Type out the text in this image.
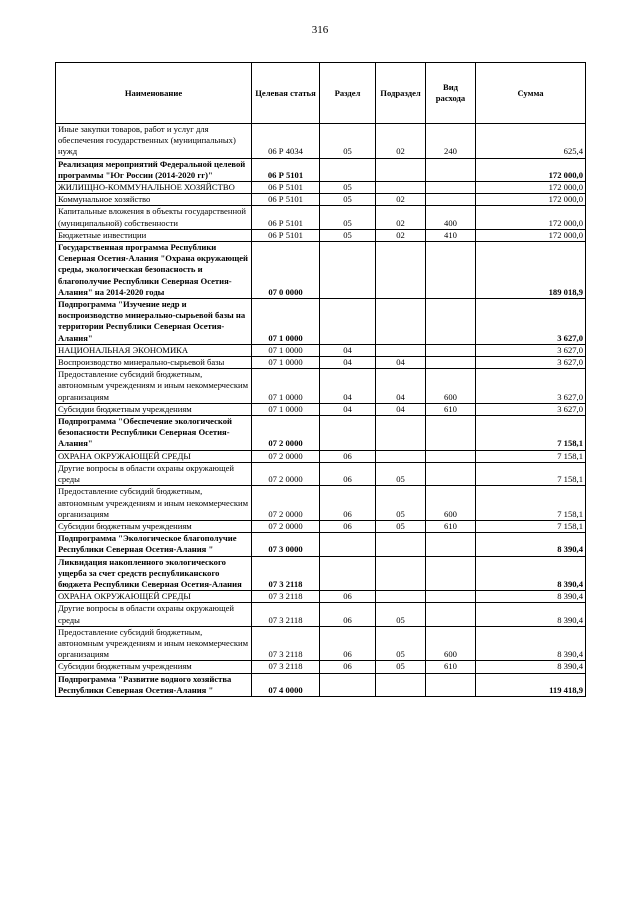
316
Наименование	Целевая статья	Раздел	Подраздел	Вид расхода	Сумма
Иные закупки товаров, работ и услуг для обеспечения государственных (муниципальных) нужд	06 Р 4034	05	02	240	625,4
Реализация мероприятий Федеральной целевой программы "Юг России (2014-2020 гг)"	06 Р 5101				172 000,0
ЖИЛИЩНО-КОММУНАЛЬНОЕ ХОЗЯЙСТВО	06 Р 5101	05			172 000,0
Коммунальное хозяйство	06 Р 5101	05	02		172 000,0
Капитальные вложения в объекты государственной (муниципальной) собственности	06 Р 5101	05	02	400	172 000,0
Бюджетные инвестиции	06 Р 5101	05	02	410	172 000,0
Государственная программа Республики Северная Осетия-Алания "Охрана окружающей среды, экологическая безопасность и благополучие Республики Северная Осетия-Алания" на 2014-2020 годы	07 0 0000				189 018,9
Подпрограмма "Изучение недр и воспроизводство минерально-сырьевой базы на территории Республики Северная Осетия-Алания"	07 1 0000				3 627,0
НАЦИОНАЛЬНАЯ ЭКОНОМИКА	07 1 0000	04			3 627,0
Воспроизводство минерально-сырьевой базы	07 1 0000	04	04		3 627,0
Предоставление субсидий бюджетным, автономным учреждениям и иным некоммерческим организациям	07 1 0000	04	04	600	3 627,0
Субсидии бюджетным учреждениям	07 1 0000	04	04	610	3 627,0
Подпрограмма "Обеспечение экологической безопасности Республики Северная Осетия-Алания"	07 2 0000				7 158,1
ОХРАНА ОКРУЖАЮЩЕЙ СРЕДЫ	07 2 0000	06			7 158,1
Другие вопросы в области охраны окружающей среды	07 2 0000	06	05		7 158,1
Предоставление субсидий бюджетным, автономным учреждениям и иным некоммерческим организациям	07 2 0000	06	05	600	7 158,1
Субсидии бюджетным учреждениям	07 2 0000	06	05	610	7 158,1
Подпрограмма "Экологическое благополучие Республики Северная Осетия-Алания "	07 3 0000				8 390,4
Ликвидация накопленного экологического ущерба за счет средств республиканского бюджета Республики Северная Осетия-Алания	07 3 2118				8 390,4
ОХРАНА ОКРУЖАЮЩЕЙ СРЕДЫ	07 3 2118	06			8 390,4
Другие вопросы в области охраны окружающей среды	07 3 2118	06	05		8 390,4
Предоставление субсидий бюджетным, автономным учреждениям и иным некоммерческим организациям	07 3 2118	06	05	600	8 390,4
Субсидии бюджетным учреждениям	07 3 2118	06	05	610	8 390,4
Подпрограмма "Развитие водного хозяйства Республики Северная Осетия-Алания "	07 4 0000				119 418,9
